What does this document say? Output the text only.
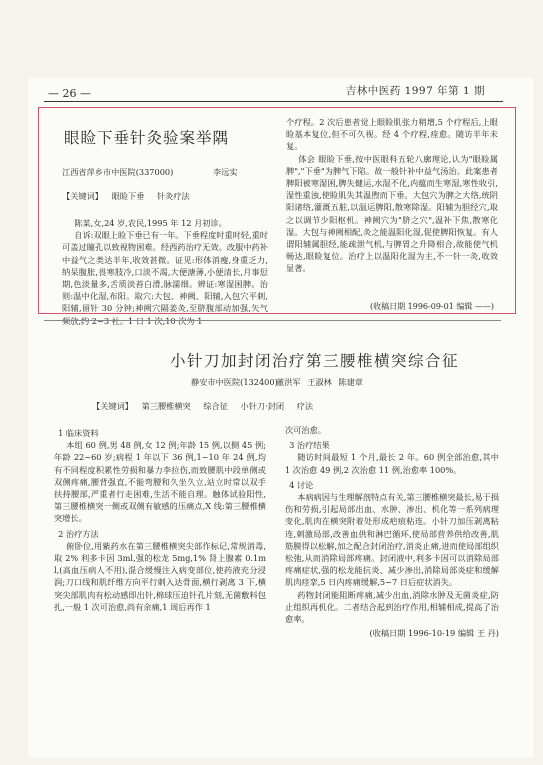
— 26 —	吉林中医药 1997 年第 1 期
眼睑下垂针灸验案举隅
江西省萍乡市中医院(337000)	李远实
【关键词】 眼睑下垂 针灸疗法

陈某,女,24 岁,农民,1995 年 12 月初诊。

自诉:双眼上睑下垂已有一年。下垂程度时重时轻,重时可盖过瞳孔以致视物困难。经西药治疗无效。改服中药补中益气之类达半年,收效甚微。证见:形体消瘦,身重乏力,纳呆腹胀,畏寒肢冷,口淡不渴,大便溏薄,小便清长,月事愆期,色淡量多,舌质淡苔白滑,脉濡细。辨证:寒湿困脾。治则:温中化湿,布阳。取穴:大包、神阙、阳辅,入包穴平刺,阳辅,留针 30 分钟;神阙穴隔姜灸,至脐腹部动加强,矢气频放,约 2~3 社。1 日 1 次,10 次为 1

个疗程。2 次后患者觉上眼睑肌张力稍增,5 个疗程后,上眼睑基本复位,但不可久视。经 4 个疗程,痊愈。随访半年未复。

体会 眼睑下垂,按中医眼科五轮八廓理论,认为"眼睑属脾","下垂"为脾气下陷。故一般针补中益气汤治。此案患者脾阳被寒湿困,脾失健运,水湿不化,内蕴而生寒湿,寒性收引,湿性重浊,使睑肌失其温煦而下垂。大包穴为脾之大络,统阴阳诸络,灌溉五脏,以温运脾阳,散寒除湿。阳辅为胆经穴,取之以调节少阳枢机。神阙穴为"脐之穴",温补下焦,散寒化湿。大包与神阙相配,灸之能温阳化湿,促使脾阳恢复。有人谓阳辅属胆经,能疏泄气机,与脾胃之升降相合,故能使气机畅达,眼睑复位。治疗上以温阳化湿为主,不一针一灸,收效显著。

(收稿日期 1996-09-01 编辑 ——)
小针刀加封闭治疗第三腰椎横突综合征
静安市中医院(132400)
董洪军 王淑林 陈建章
【关键词】 第三腰椎横突 综合征 小针刀·封闭 疗法
1 临床资料

本组 60 例,男 48 例,女 12 例;年龄 15 例,以侧 45 例;年龄 22~60 岁;病程 1 年以下 36 例,1~10 年 24 例,均有不同程度积累性劳损和暴力李拉伤,而致腰肌中段单侧或双侧疼痛,腰背强直,不能弯腰和久坐久立,站立时常以双手扶持腰部,严重者行走困难,生活不能自理。触体试验阳性,第三腰椎横突一侧或双侧有敏感的压痛点,X 线:第三腰椎横突增长。

2 治疗方法

俯卧位,用紫药水在第三腰椎横突尖部作标记,常规消毒,取 2% 利多卡因 3ml,强的松龙 5mg,1% 肾上腺素 0.1ml,(高血压病人不用),混合缓慢注入病变部位,使药液充分浸润;刀口线和肌纤维方向平行刺入达骨面,横行剥离 3 下,横突尖部肌肉有松动感即出针,棉球压迫针孔片刻,无菌敷料包扎,一般 1 次可治愈,尚有余痛,1 周后再作 1

次可治愈。

3 治疗结果

随访时间最短 1 个月,最长 2 年。60 例全部治愈,其中 1 次治愈 49 例,2 次治愈 11 例,治愈率 100%。

4 讨论

本病病因与生理解剖特点有关,第三腰椎横突最长,易于损伤和劳损,引起局部出血、水肿、渗出、机化等一系列病理变化,肌肉在横突附着处形成疤痕粘连。小针刀加压剥离粘连,刺激局部,改善血供和淋巴循环,使局部营养供给改善,肌筋膜得以松解,加之配合封闭治疗,消炎止痛,进而使局部组织松弛,从而消除局部疼痛。封闭液中,利多卡因可以消除局部疼痛症状,强的松龙能抗炎、减少渗出,消除局部炎症和缓解肌肉痉挛,5 日内疼痛缓解,5~7 日后症状消失。

药物封闭能阻断疼痛,减少出血,消除水肿及无菌炎症,防止组织再机化。二者结合起到治疗作用,相辅相成,提高了治愈率。

(收稿日期 1996-10-19 编辑 王 丹)
